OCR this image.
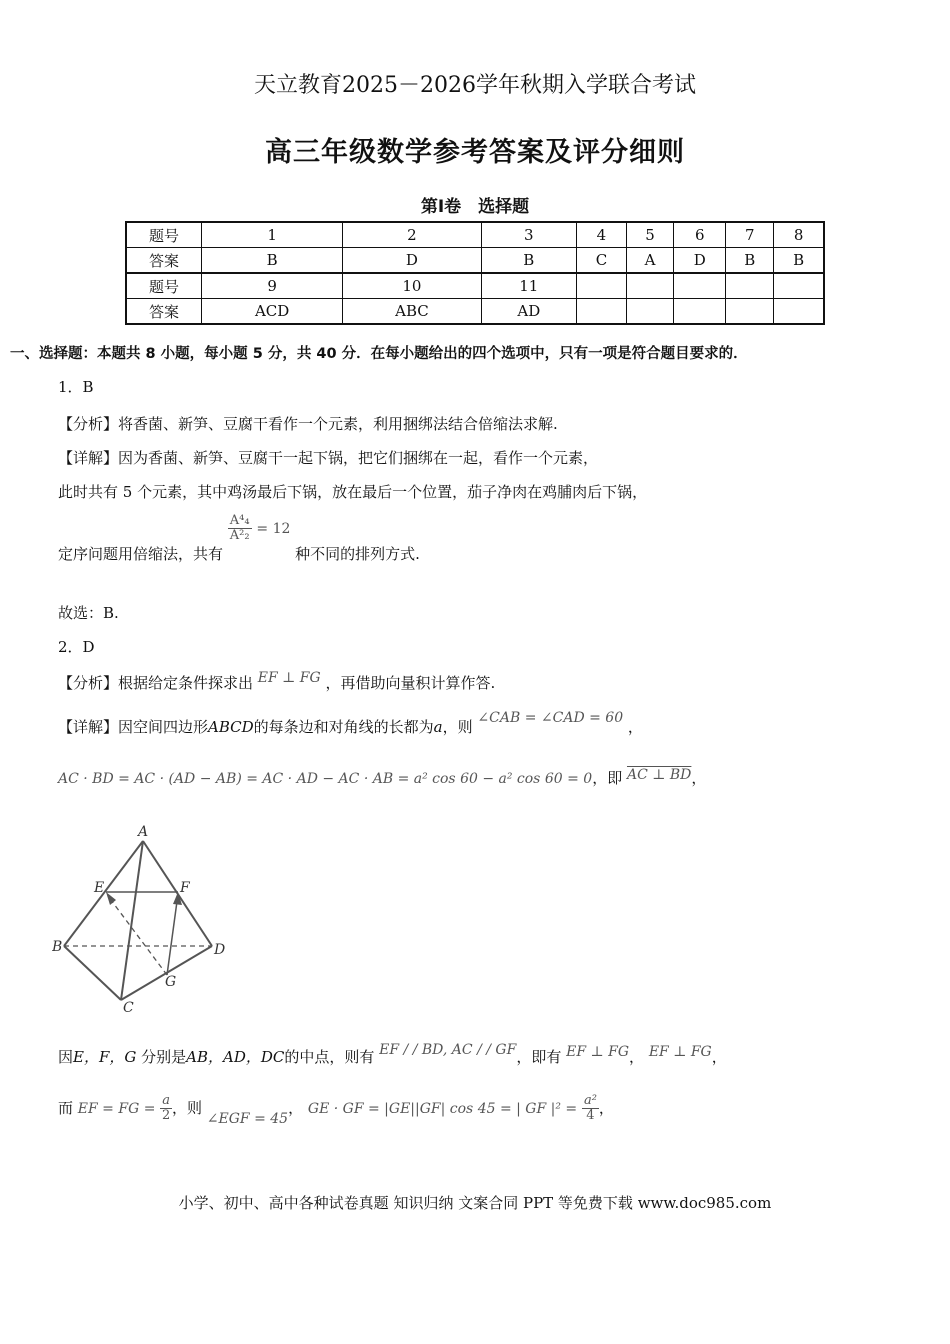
天立教育2025－2026学年秋期入学联合考试
高三年级数学参考答案及评分细则
第Ⅰ卷　选择题
题号	1	2	3	4	5	6	7	8
答案	B	D	B	C	A	D	B	B
题号	9	10	11					
答案	ACD	ABC	AD					
一、选择题：本题共 8 小题，每小题 5 分，共 40 分．在每小题给出的四个选项中，只有一项是符合题目要求的．
1．B
【分析】将香菌、新笋、豆腐干看作一个元素，利用捆绑法结合倍缩法求解.
【详解】因为香菌、新笋、豆腐干一起下锅，把它们捆绑在一起，看作一个元素，
此时共有 5 个元素，其中鸡汤最后下锅，放在最后一个位置，茄子净肉在鸡脯肉后下锅，
定序问题用倍缩法，共有
$\frac{\text{A⁴₄}}{\text{A²₂}} = 12$ 种不同的排列方式.
故选：B.
2．D
【分析】根据给定条件探求出 EF ⊥ FG ，再借助向量积计算作答.
【详解】因空间四边形ABCD的每条边和对角线的长都为a，则 ∠CAB = ∠CAD = 60 ，
AC · BD = AC · (AD − AB) = AC · AD − AC · AB = a² cos 60 − a² cos 60 = 0，即 AC ⊥ BD，
A
E	F
B	D
G
C
因E，F，G 分别是AB，AD，DC的中点，则有 EF / / BD, AC / / GF，即有 EF ⊥ FG， EF ⊥ FG，
而 EF = FG = $\frac{a}{2}$ ，则 ∠EGF = 45， GE · GF = |GE||GF| cos 45 = | GF $|^2 = \frac{\text{a²}}{4}$ ，
小学、初中、高中各种试卷真题 知识归纳 文案合同 PPT 等免费下载 www.doc985.com
